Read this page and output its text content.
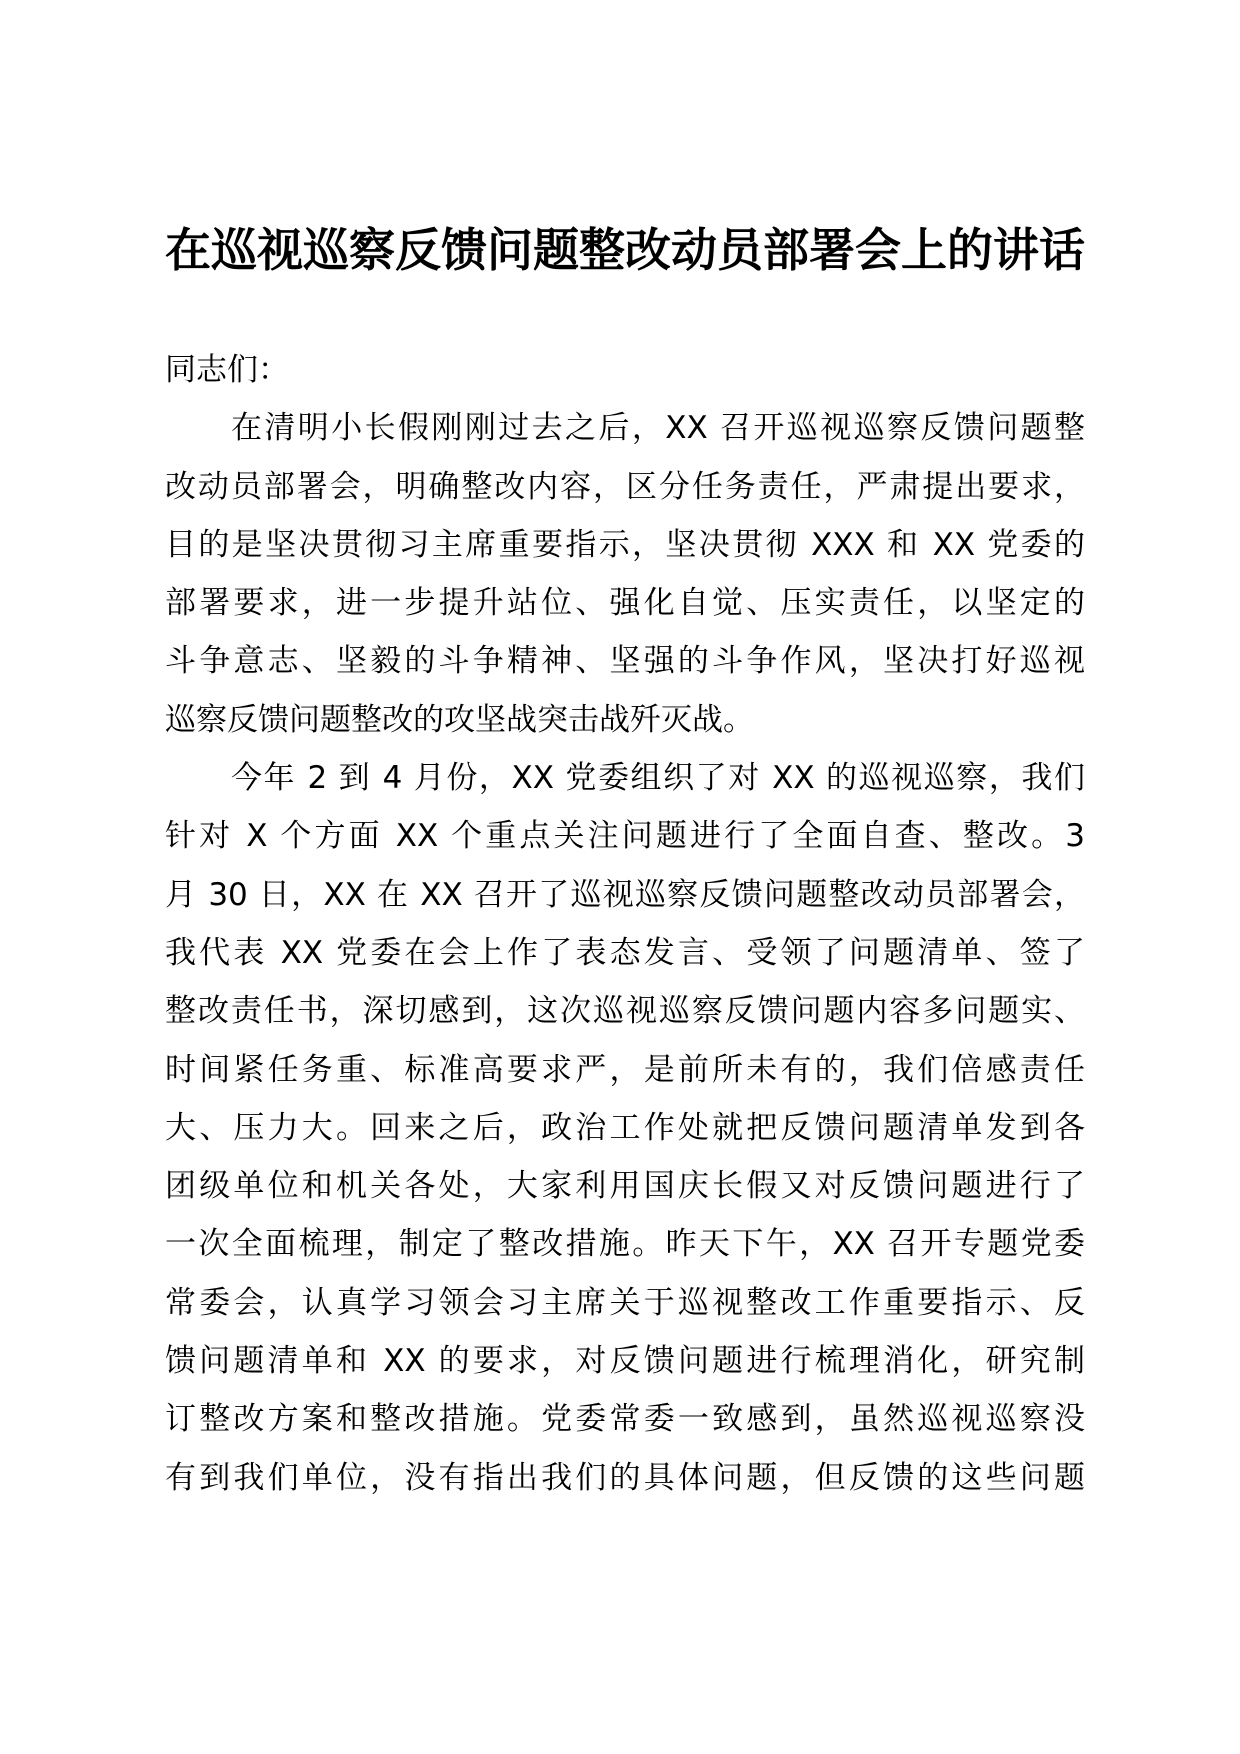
在巡视巡察反馈问题整改动员部署会上的讲话
同志们：
在清明小长假刚刚过去之后，XX 召开巡视巡察反馈问题整
改动员部署会，明确整改内容，区分任务责任，严肃提出要求，
目的是坚决贯彻习主席重要指示，坚决贯彻 XXX 和 XX 党委的
部署要求，进一步提升站位、强化自觉、压实责任，以坚定的
斗争意志、坚毅的斗争精神、坚强的斗争作风，坚决打好巡视
巡察反馈问题整改的攻坚战突击战歼灭战。
今年 2 到 4 月份，XX 党委组织了对 XX 的巡视巡察，我们
针对 X 个方面 XX 个重点关注问题进行了全面自查、整改。3
月 30 日，XX 在 XX 召开了巡视巡察反馈问题整改动员部署会，
我代表 XX 党委在会上作了表态发言、受领了问题清单、签了
整改责任书，深切感到，这次巡视巡察反馈问题内容多问题实、
时间紧任务重、标准高要求严，是前所未有的，我们倍感责任
大、压力大。回来之后，政治工作处就把反馈问题清单发到各
团级单位和机关各处，大家利用国庆长假又对反馈问题进行了
一次全面梳理，制定了整改措施。昨天下午，XX 召开专题党委
常委会，认真学习领会习主席关于巡视整改工作重要指示、反
馈问题清单和 XX 的要求，对反馈问题进行梳理消化，研究制
订整改方案和整改措施。党委常委一致感到，虽然巡视巡察没
有到我们单位，没有指出我们的具体问题，但反馈的这些问题
